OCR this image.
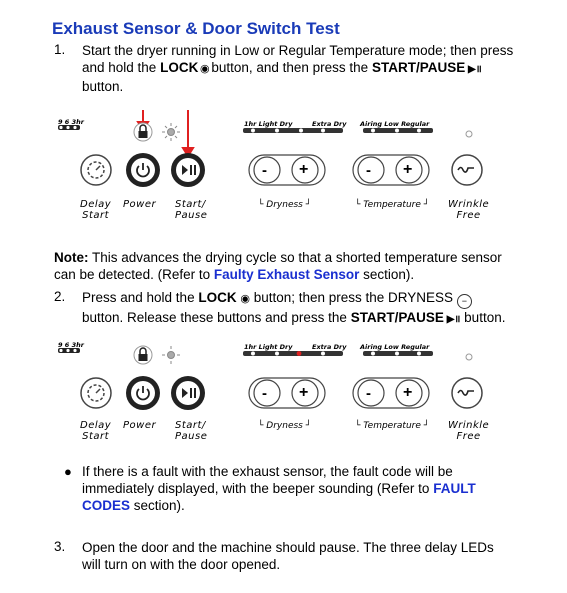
Exhaust Sensor & Door Switch Test
1. Start the dryer running in Low or Regular Temperature mode; then press
and hold the LOCK ◉ button, and then press the START/PAUSE ▶॥
button.
9 6 3hr	1hr Light Dry	Extra Dry Airing Low Regular
- +	- +
Delay
Start
Power Start/
Pause
└ Dryness ┘	└ Temperature ┘ Wrinkle
Free
Note: This advances the drying cycle so that a shorted temperature sensor
can be detected. (Refer to Faulty Exhaust Sensor section).
2. Press and hold the LOCK ◉ button; then press the DRYNESS −
button. Release these buttons and press the START/PAUSE ▶॥ button.
9 6 3hr	1hr Light Dry	Extra Dry Airing Low Regular
- +	- +
Delay
Start
Power Start/
Pause
└ Dryness ┘	└ Temperature ┘ Wrinkle
Free
● If there is a fault with the exhaust sensor, the fault code will be
immediately displayed, with the beeper sounding (Refer to FAULT
CODES section).
3. Open the door and the machine should pause. The three delay LEDs
will turn on with the door opened.
